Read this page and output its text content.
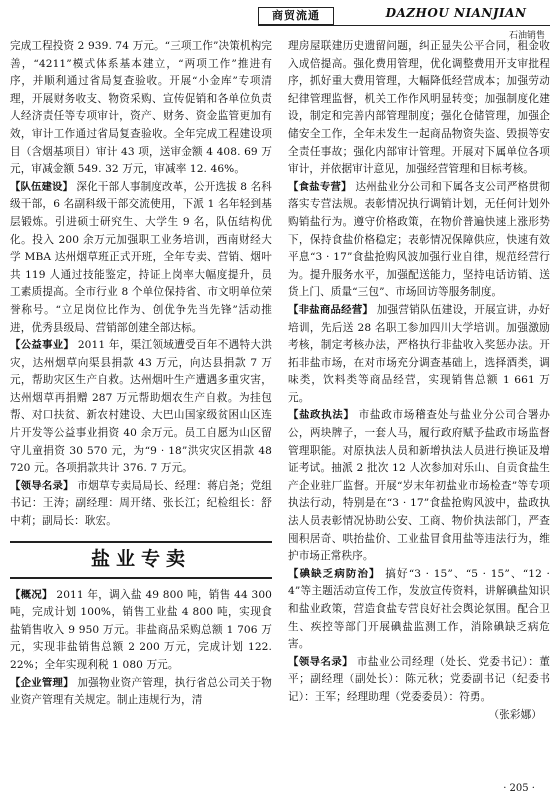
商贸流通	DAZHOU NIANJIAN
石油销售

完成工程投资 2 939. 74 万元。“三项工作”决策机构完善，“4211”模式体系基本建立，“两项工作”推进有序，并顺利通过省局复查验收。开展“小金库”专项清理，开展财务收支、物资采购、宣传促销和各单位负责人经济责任等专项审计，资产、财务、资金监管更加有效，审计工作通过省局复查验收。全年完成工程建设项目（含烟基项目）审计 43 项，送审金额 4 408. 69 万元，审减金额 549. 32 万元，审减率 12. 46%。

【队伍建设】 深化干部人事制度改革，公开选拔 8 名科级干部，6 名副科级干部交流使用，下派 1 名年轻到基层锻炼。引进硕士研究生、大学生 9 名，队伍结构优化。投入 200 余万元加强职工业务培训，西南财经大学 MBA 达州烟草班正式开班，全年专卖、营销、烟叶共 119 人通过技能鉴定，持证上岗率大幅度提升，员工素质提高。全市行业 8 个单位保持省、市文明单位荣誉称号。“立足岗位比作为、创优争先当先锋”活动推进，优秀县级局、营销部创建全部达标。

【公益事业】 2011 年，渠江领域遭受百年不遇特大洪灾，达州烟草向渠县捐款 43 万元，向达县捐款 7 万元，帮助灾区生产自救。达州烟叶生产遭遇多重灾害，达州烟草再捐赠 287 万元帮助烟农生产自救。为挂包帮、对口扶贫、新农村建设、大巴山国家级贫困山区连片开发等公益事业捐资 40 余万元。员工自愿为山区留守儿童捐资 30 570 元，为“9 · 18”洪灾灾区捐款 48 720 元。各项捐款共计 376. 7 万元。

【领导名录】 市烟草专卖局局长、经理：蒋启尧；党组书记：王涛；副经理：周开绪、张长江；纪检组长：舒中莉；副局长：耿宏。

盐业专卖

【概况】 2011 年，调入盐 49 800 吨，销售 44 300 吨，完成计划 100%，销售工业盐 4 800 吨，实现食盐销售收入 9 950 万元。非盐商品采购总额 1 706 万元，实现非盐销售总额 2 200 万元，完成计划 122. 22%；全年实现利税 1 080 万元。

【企业管理】 加强物业资产管理，执行省总公司关于物业资产管理有关规定。制止违规行为，清

理房屋联建历史遗留问题，纠正显失公平合同，租金收入成倍提高。强化费用管理，优化调整费用开支审批程序，抓好重大费用管理，大幅降低经营成本；加强劳动纪律管理监督，机关工作作风明显转变；加强制度化建设，制定和完善内部管理制度；强化仓储管理，加强企储安全工作，全年未发生一起商品物资失盗、毁损等安全责任事故；强化内部审计管理。开展对下属单位各项审计，并依据审计意见，加强经营管理和目标考核。

【食盐专营】 达州盐业分公司和下属各支公司严格贯彻落实专营法规。表彰情况执行调销计划，无任何计划外购销盐行为。遵守价格政策，在物价普遍快速上涨形势下，保持食盐价格稳定；表彰情况保障供应，快速有效平息“3 · 17”食盐抢购风波加强行业自律，规范经营行为。提升服务水平，加强配送能力，坚持电话访销、送货上门、质量“三包”、市场回访等服务制度。

【非盐商品经营】 加强营销队伍建设，开展宣讲，办好培训，先后送 28 名职工参加四川大学培训。加强激励考核，制定考核办法，严格执行非盐收入奖惩办法。开拓非盐市场，在对市场充分调查基础上，选择酒类，调味类，饮料类等商品经营，实现销售总额 1 661 万元。

【盐政执法】 市盐政市场稽查处与盐业分公司合署办公，两块牌子，一套人马，履行政府赋予盐政市场监督管理职能。对原执法人员和新增执法人员进行换证及增证考试。抽派 2 批次 12 人次参加对乐山、自贡食盐生产企业驻厂监督。开展“岁末年初盐业市场检查”等专项执法行动，特别是在“3 · 17”食盐抢购风波中，盐政执法人员表彰情况协助公安、工商、物价执法部门，严查囤积居奇、哄抬盐价、工业盐冒食用盐等违法行为，维护市场正常秩序。

【碘缺乏病防治】 搞好“3 · 15”、“5 · 15”、“12 · 4”等主题活动宣传工作，发放宣传资料，讲解碘盐知识和盐业政策，营造食盐专营良好社会舆论氛围。配合卫生、疾控等部门开展碘盐监测工作，消除碘缺乏病危害。

【领导名录】 市盐业公司经理（处长、党委书记）：董平；副经理（副处长）：陈元秋；党委副书记（纪委书记）：王军；经理助理（党委委员）：符勇。

（张彩娜）

· 205 ·
